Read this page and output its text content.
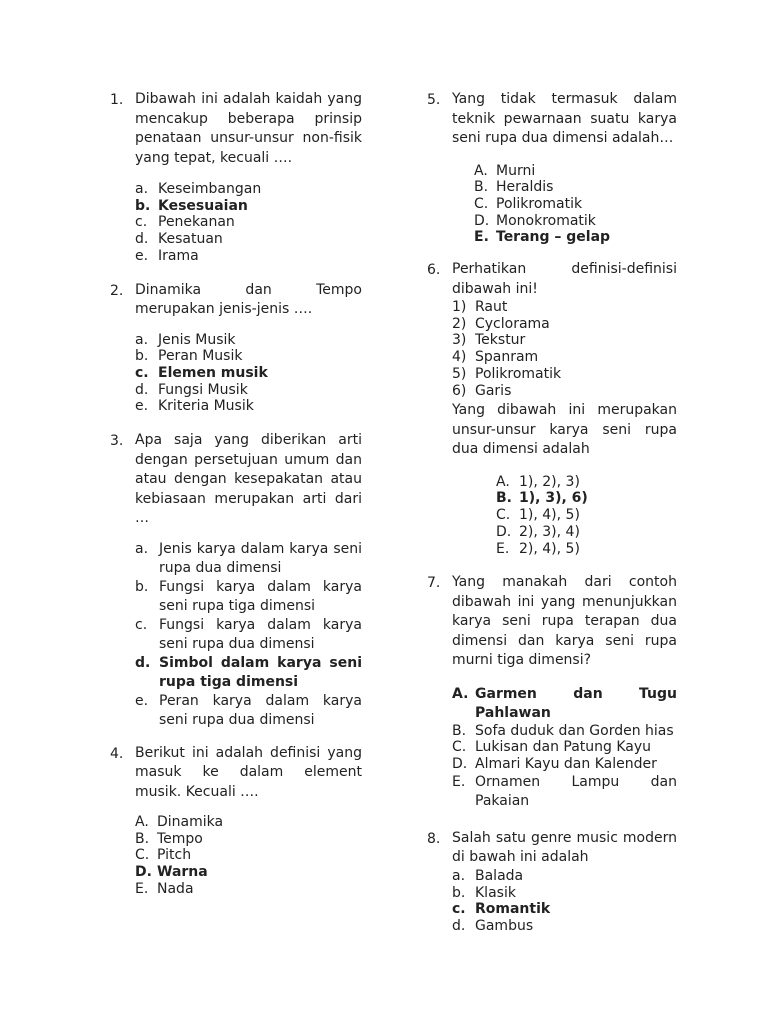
1. Dibawah ini adalah kaidah yang mencakup beberapa prinsip penataan unsur-unsur non-fisik yang tepat, kecuali ….
a. Keseimbangan
b. Kesesuaian
c. Penekanan
d. Kesatuan
e. Irama
2. Dinamika dan Tempo merupakan jenis-jenis ….
a. Jenis Musik
b. Peran Musik
c. Elemen musik
d. Fungsi Musik
e. Kriteria Musik
3. Apa saja yang diberikan arti dengan persetujuan umum dan atau dengan kesepakatan atau kebiasaan merupakan arti dari …
a. Jenis karya dalam karya seni rupa dua dimensi
b. Fungsi karya dalam karya seni rupa tiga dimensi
c. Fungsi karya dalam karya seni rupa dua dimensi
d. Simbol dalam karya seni rupa tiga dimensi
e. Peran karya dalam karya seni rupa dua dimensi
4. Berikut ini adalah definisi yang masuk ke dalam element musik. Kecuali ….
A. Dinamika
B. Tempo
C. Pitch
D. Warna
E. Nada
5. Yang tidak termasuk dalam teknik pewarnaan suatu karya seni rupa dua dimensi adalah…
A. Murni
B. Heraldis
C. Polikromatik
D. Monokromatik
E. Terang – gelap
6. Perhatikan definisi-definisi dibawah ini!
1) Raut
2) Cyclorama
3) Tekstur
4) Spanram
5) Polikromatik
6) Garis
Yang dibawah ini merupakan unsur-unsur karya seni rupa dua dimensi adalah
A. 1), 2), 3)
B. 1), 3), 6)
C. 1), 4), 5)
D. 2), 3), 4)
E. 2), 4), 5)
7. Yang manakah dari contoh dibawah ini yang menunjukkan karya seni rupa terapan dua dimensi dan karya seni rupa murni tiga dimensi?
A. Garmen dan Tugu Pahlawan
B. Sofa duduk dan Gorden hias
C. Lukisan dan Patung Kayu
D. Almari Kayu dan Kalender
E. Ornamen Lampu dan Pakaian
8. Salah satu genre music modern di bawah ini adalah
a. Balada
b. Klasik
c. Romantik
d. Gambus
